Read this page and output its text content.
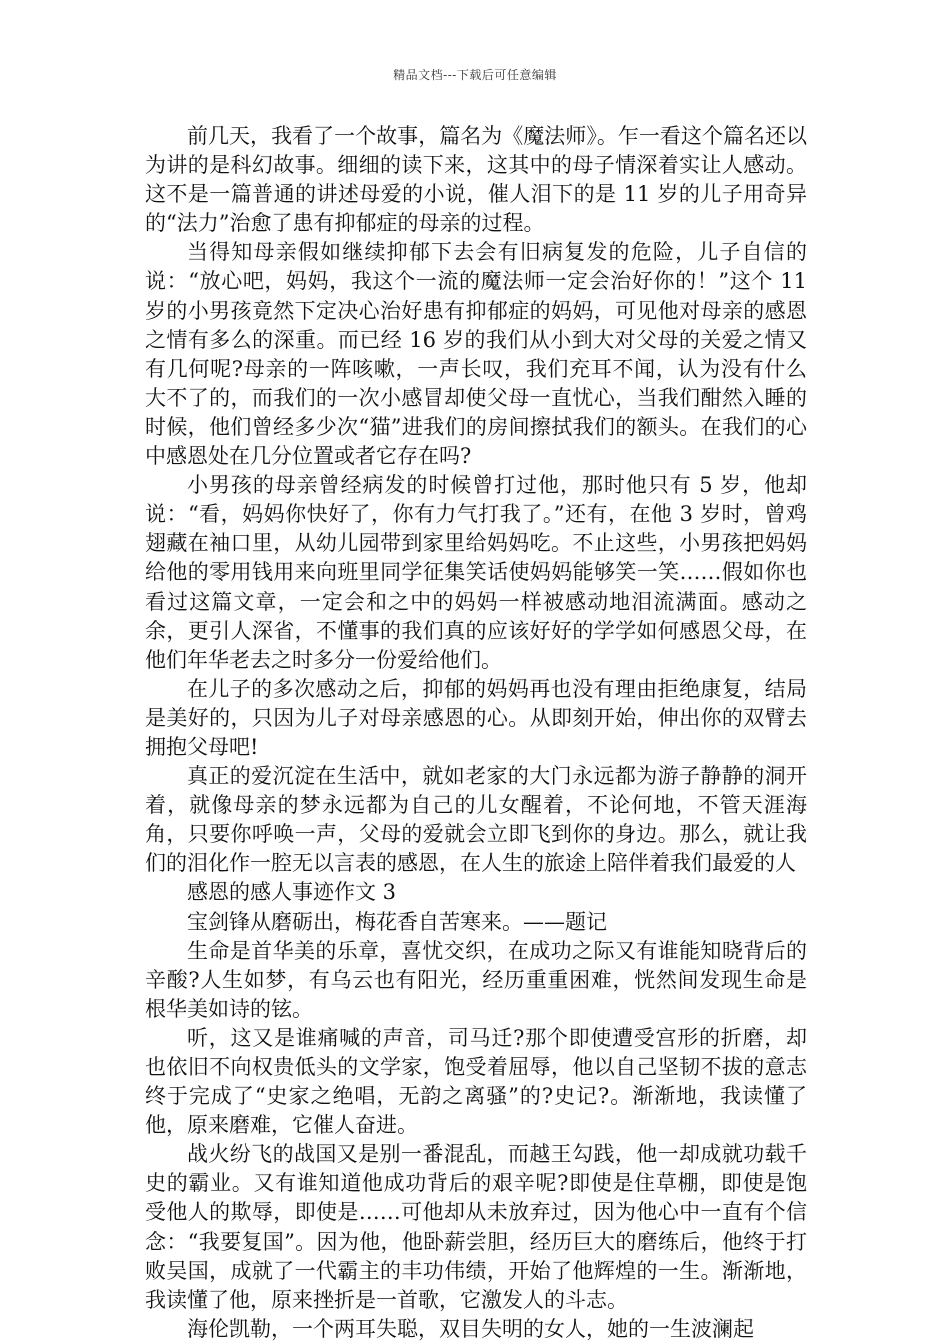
精品文档---下载后可任意编辑

前几天，我看了一个故事，篇名为《魔法师》。乍一看这个篇名还以为讲的是科幻故事。细细的读下来，这其中的母子情深着实让人感动。这不是一篇普通的讲述母爱的小说，催人泪下的是 11 岁的儿子用奇异的“法力”治愈了患有抑郁症的母亲的过程。

当得知母亲假如继续抑郁下去会有旧病复发的危险，儿子自信的说：“放心吧，妈妈，我这个一流的魔法师一定会治好你的！”这个 11 岁的小男孩竟然下定决心治好患有抑郁症的妈妈，可见他对母亲的感恩之情有多么的深重。而已经 16 岁的我们从小到大对父母的关爱之情又有几何呢?母亲的一阵咳嗽，一声长叹，我们充耳不闻，认为没有什么大不了的，而我们的一次小感冒却使父母一直忧心，当我们酣然入睡的时候，他们曾经多少次“猫”进我们的房间擦拭我们的额头。在我们的心中感恩处在几分位置或者它存在吗?

小男孩的母亲曾经病发的时候曾打过他，那时他只有 5 岁，他却说：“看，妈妈你快好了，你有力气打我了。”还有，在他 3 岁时，曾鸡翅藏在袖口里，从幼儿园带到家里给妈妈吃。不止这些，小男孩把妈妈给他的零用钱用来向班里同学征集笑话使妈妈能够笑一笑……假如你也看过这篇文章，一定会和之中的妈妈一样被感动地泪流满面。感动之余，更引人深省，不懂事的我们真的应该好好的学学如何感恩父母，在他们年华老去之时多分一份爱给他们。

在儿子的多次感动之后，抑郁的妈妈再也没有理由拒绝康复，结局是美好的，只因为儿子对母亲感恩的心。从即刻开始，伸出你的双臂去拥抱父母吧!

真正的爱沉淀在生活中，就如老家的大门永远都为游子静静的洞开着，就像母亲的梦永远都为自己的儿女醒着，不论何地，不管天涯海角，只要你呼唤一声，父母的爱就会立即飞到你的身边。那么，就让我们的泪化作一腔无以言表的感恩，在人生的旅途上陪伴着我们最爱的人

感恩的感人事迹作文 3

宝剑锋从磨砺出，梅花香自苦寒来。——题记

生命是首华美的乐章，喜忧交织，在成功之际又有谁能知晓背后的辛酸?人生如梦，有乌云也有阳光，经历重重困难，恍然间发现生命是根华美如诗的铉。

听，这又是谁痛喊的声音，司马迁?那个即使遭受宫形的折磨，却也依旧不向权贵低头的文学家，饱受着屈辱，他以自己坚韧不拔的意志终于完成了“史家之绝唱，无韵之离骚”的?史记?。渐渐地，我读懂了他，原来磨难，它催人奋进。

战火纷飞的战国又是别一番混乱，而越王勾践，他一却成就功载千史的霸业。又有谁知道他成功背后的艰辛呢?即使是住草棚，即使是饱受他人的欺辱，即使是……可他却从未放弃过，因为他心中一直有个信念：“我要复国”。因为他，他卧薪尝胆，经历巨大的磨练后，他终于打败吴国，成就了一代霸主的丰功伟绩，开始了他辉煌的一生。渐渐地，我读懂了他，原来挫折是一首歌，它激发人的斗志。

海伦凯勒，一个两耳失聪，双目失明的女人，她的一生波澜起
